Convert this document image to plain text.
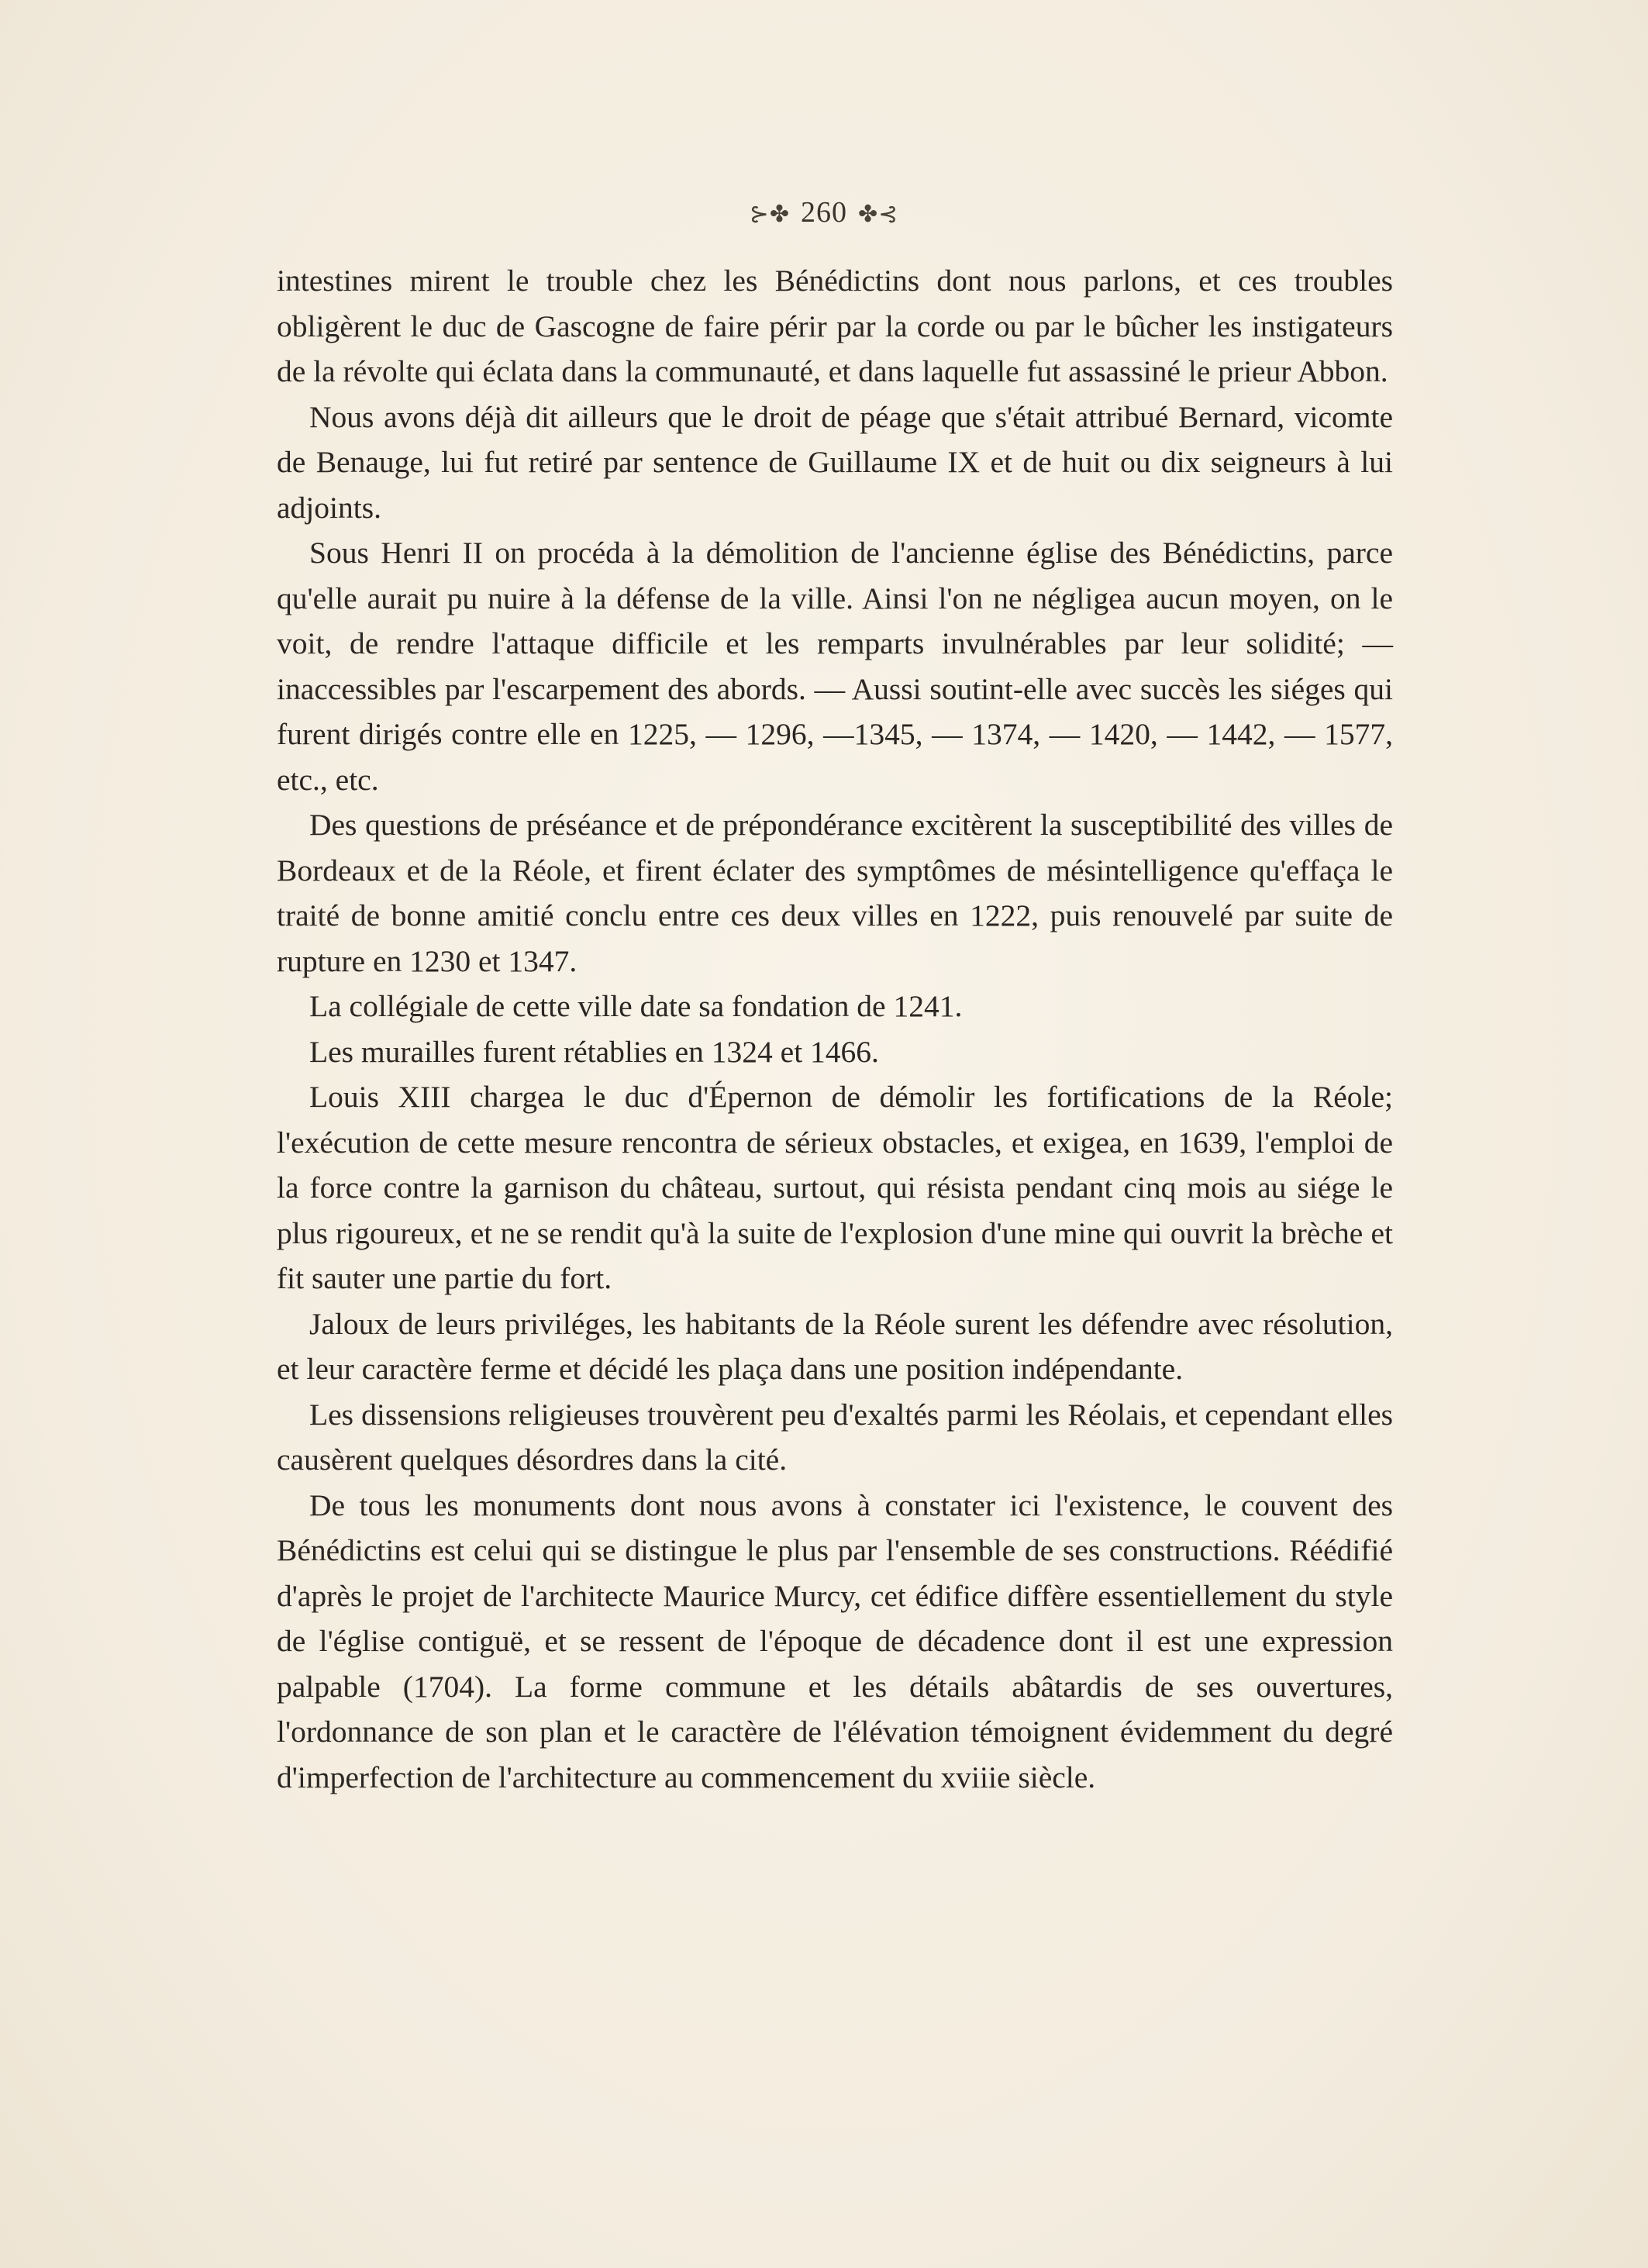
⊱✤ 260 ✤⊰

intestines mirent le trouble chez les Bénédictins dont nous parlons, et ces troubles obligèrent le duc de Gascogne de faire périr par la corde ou par le bûcher les instigateurs de la révolte qui éclata dans la communauté, et dans laquelle fut assassiné le prieur Abbon.

Nous avons déjà dit ailleurs que le droit de péage que s'était attribué Bernard, vicomte de Benauge, lui fut retiré par sentence de Guillaume IX et de huit ou dix seigneurs à lui adjoints.

Sous Henri II on procéda à la démolition de l'ancienne église des Bénédictins, parce qu'elle aurait pu nuire à la défense de la ville. Ainsi l'on ne négligea aucun moyen, on le voit, de rendre l'attaque difficile et les remparts invulnérables par leur solidité; — inaccessibles par l'escarpement des abords. — Aussi soutint-elle avec succès les siéges qui furent dirigés contre elle en 1225, — 1296, —1345, — 1374, — 1420, — 1442, — 1577, etc., etc.

Des questions de préséance et de prépondérance excitèrent la susceptibilité des villes de Bordeaux et de la Réole, et firent éclater des symptômes de mésintelligence qu'effaça le traité de bonne amitié conclu entre ces deux villes en 1222, puis renouvelé par suite de rupture en 1230 et 1347.

La collégiale de cette ville date sa fondation de 1241.

Les murailles furent rétablies en 1324 et 1466.

Louis XIII chargea le duc d'Épernon de démolir les fortifications de la Réole; l'exécution de cette mesure rencontra de sérieux obstacles, et exigea, en 1639, l'emploi de la force contre la garnison du château, surtout, qui résista pendant cinq mois au siége le plus rigoureux, et ne se rendit qu'à la suite de l'explosion d'une mine qui ouvrit la brèche et fit sauter une partie du fort.

Jaloux de leurs priviléges, les habitants de la Réole surent les défendre avec résolution, et leur caractère ferme et décidé les plaça dans une position indépendante.

Les dissensions religieuses trouvèrent peu d'exaltés parmi les Réolais, et cependant elles causèrent quelques désordres dans la cité.

De tous les monuments dont nous avons à constater ici l'existence, le couvent des Bénédictins est celui qui se distingue le plus par l'ensemble de ses constructions. Réédifié d'après le projet de l'architecte Maurice Murcy, cet édifice diffère essentiellement du style de l'église contiguë, et se ressent de l'époque de décadence dont il est une expression palpable (1704). La forme commune et les détails abâtardis de ses ouvertures, l'ordonnance de son plan et le caractère de l'élévation témoignent évidemment du degré d'imperfection de l'architecture au commencement du xviiie siècle.
